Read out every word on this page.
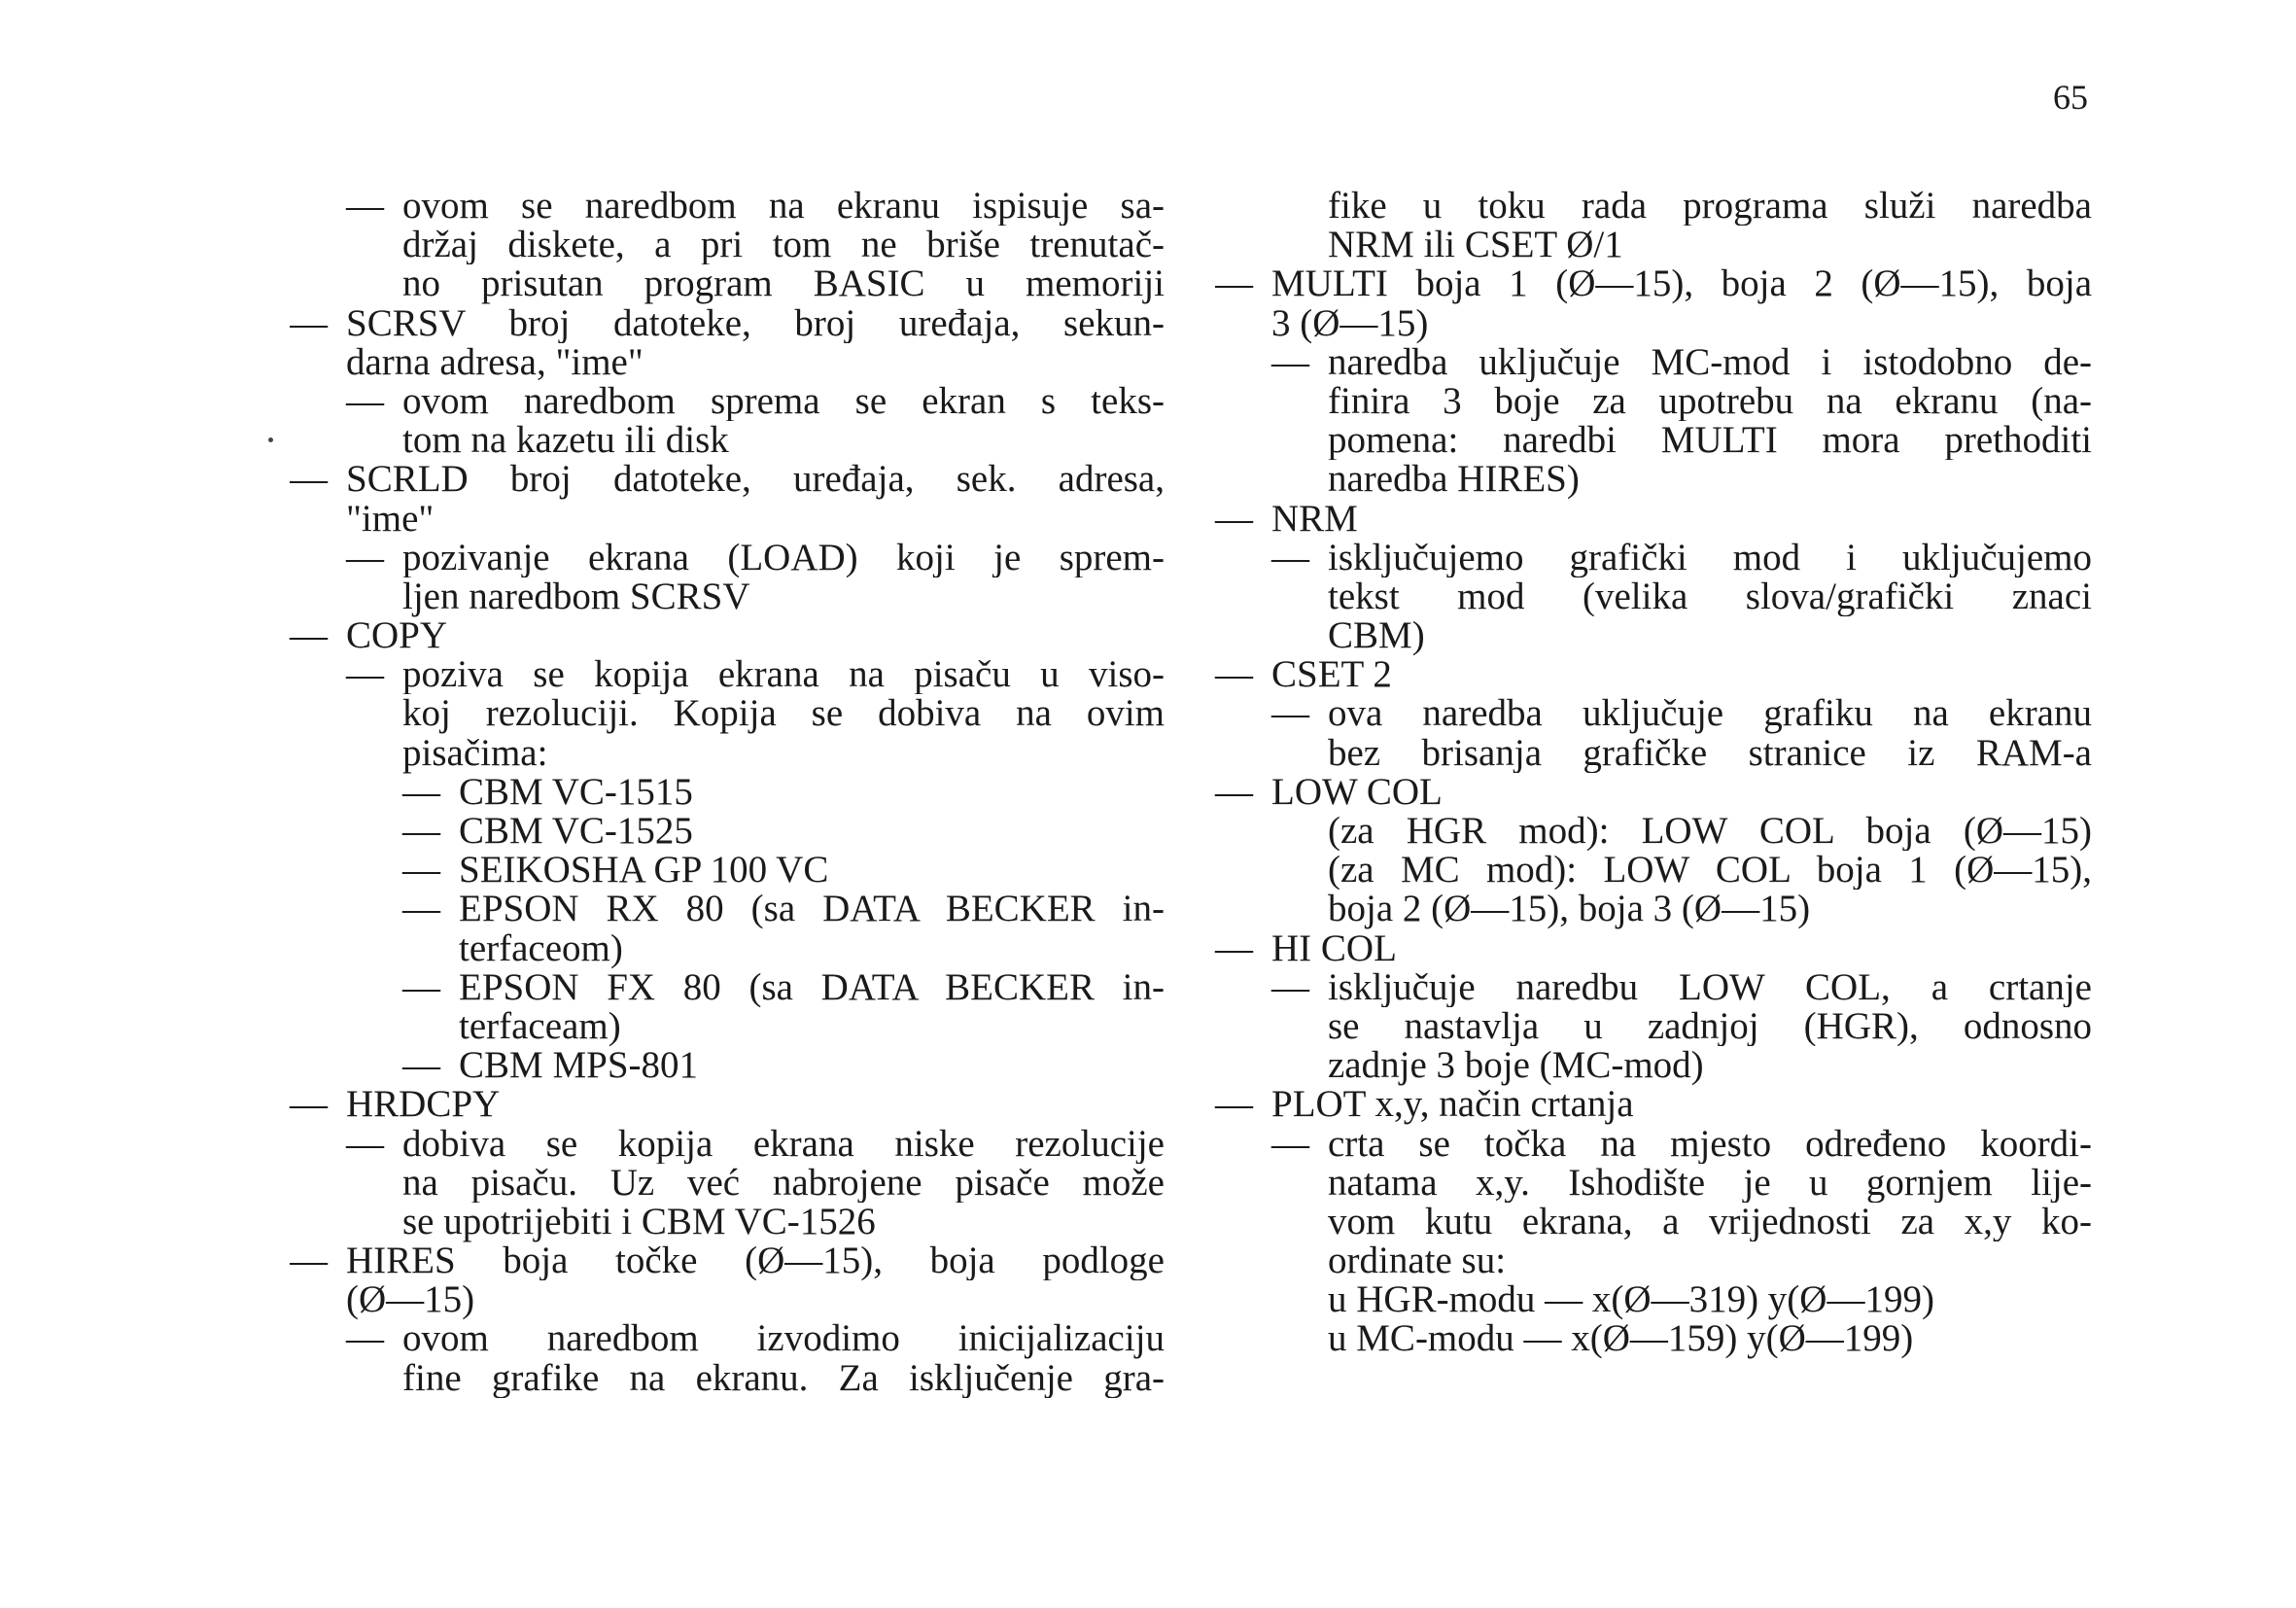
65
— ovom se naredbom na ekranu ispisuje sa-
držaj diskete, a pri tom ne briše trenutač-
no prisutan program BASIC u memoriji
— SCRSV broj datoteke, broj uređaja, sekun-
darna adresa, "ime"
— ovom naredbom sprema se ekran s teks-
tom na kazetu ili disk
— SCRLD broj datoteke, uređaja, sek. adresa,
"ime"
— pozivanje ekrana (LOAD) koji je sprem-
ljen naredbom SCRSV
— COPY
— poziva se kopija ekrana na pisaču u viso-
koj rezoluciji. Kopija se dobiva na ovim
pisačima:
— CBM VC-1515
— CBM VC-1525
— SEIKOSHA GP 100 VC
— EPSON RX 80 (sa DATA BECKER in-
terfaceom)
— EPSON FX 80 (sa DATA BECKER in-
terfaceam)
— CBM MPS-801
— HRDCPY
— dobiva se kopija ekrana niske rezolucije
na pisaču. Uz već nabrojene pisače može
se upotrijebiti i CBM VC-1526
— HIRES boja točke (Ø—15), boja podloge
(Ø—15)
— ovom naredbom izvodimo inicijalizaciju
fine grafike na ekranu. Za isključenje gra-
fike u toku rada programa služi naredba
NRM ili CSET Ø/1
— MULTI boja 1 (Ø—15), boja 2 (Ø—15), boja
3 (Ø—15)
— naredba uključuje MC-mod i istodobno de-
finira 3 boje za upotrebu na ekranu (na-
pomena: naredbi MULTI mora prethoditi
naredba HIRES)
— NRM
— isključujemo grafički mod i uključujemo
tekst mod (velika slova/grafički znaci
CBM)
— CSET 2
— ova naredba uključuje grafiku na ekranu
bez brisanja grafičke stranice iz RAM-a
— LOW COL
(za HGR mod): LOW COL boja (Ø—15)
(za MC mod): LOW COL boja 1 (Ø—15),
boja 2 (Ø—15), boja 3 (Ø—15)
— HI COL
— isključuje naredbu LOW COL, a crtanje
se nastavlja u zadnjoj (HGR), odnosno
zadnje 3 boje (MC-mod)
— PLOT x,y, način crtanja
— crta se točka na mjesto određeno koordi-
natama x,y. Ishodište je u gornjem lije-
vom kutu ekrana, a vrijednosti za x,y ko-
ordinate su:
u HGR-modu — x(Ø—319) y(Ø—199)
u MC-modu — x(Ø—159) y(Ø—199)
